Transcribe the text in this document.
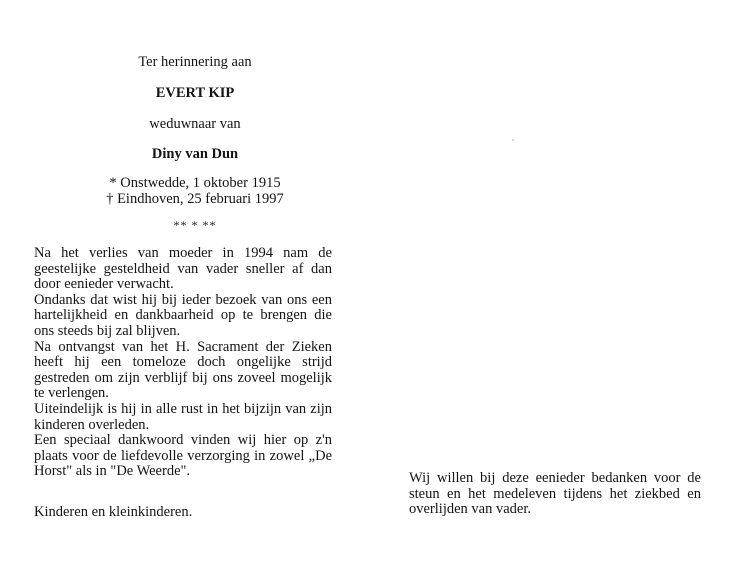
Ter herinnering aan
EVERT KIP
weduwnaar van
Diny van Dun
* Onstwedde, 1 oktober 1915
† Eindhoven, 25 februari 1997
** * **

Na het verlies van moeder in 1994 nam de geestelijke gesteldheid van vader sneller af dan door eenieder verwacht.

Ondanks dat wist hij bij ieder bezoek van ons een hartelijkheid en dankbaarheid op te brengen die ons steeds bij zal blijven.

Na ontvangst van het H. Sacrament der Zieken heeft hij een tomeloze doch ongelijke strijd gestreden om zijn verblijf bij ons zoveel mogelijk te verlengen.

Uiteindelijk is hij in alle rust in het bijzijn van zijn kinderen overleden.

Een speciaal dankwoord vinden wij hier op z'n plaats voor de liefdevolle verzorging in zowel „De Horst" als in "De Weerde".

Kinderen en kleinkinderen.
Wij willen bij deze eenieder bedanken voor de steun en het medeleven tijdens het ziekbed en overlijden van vader.
